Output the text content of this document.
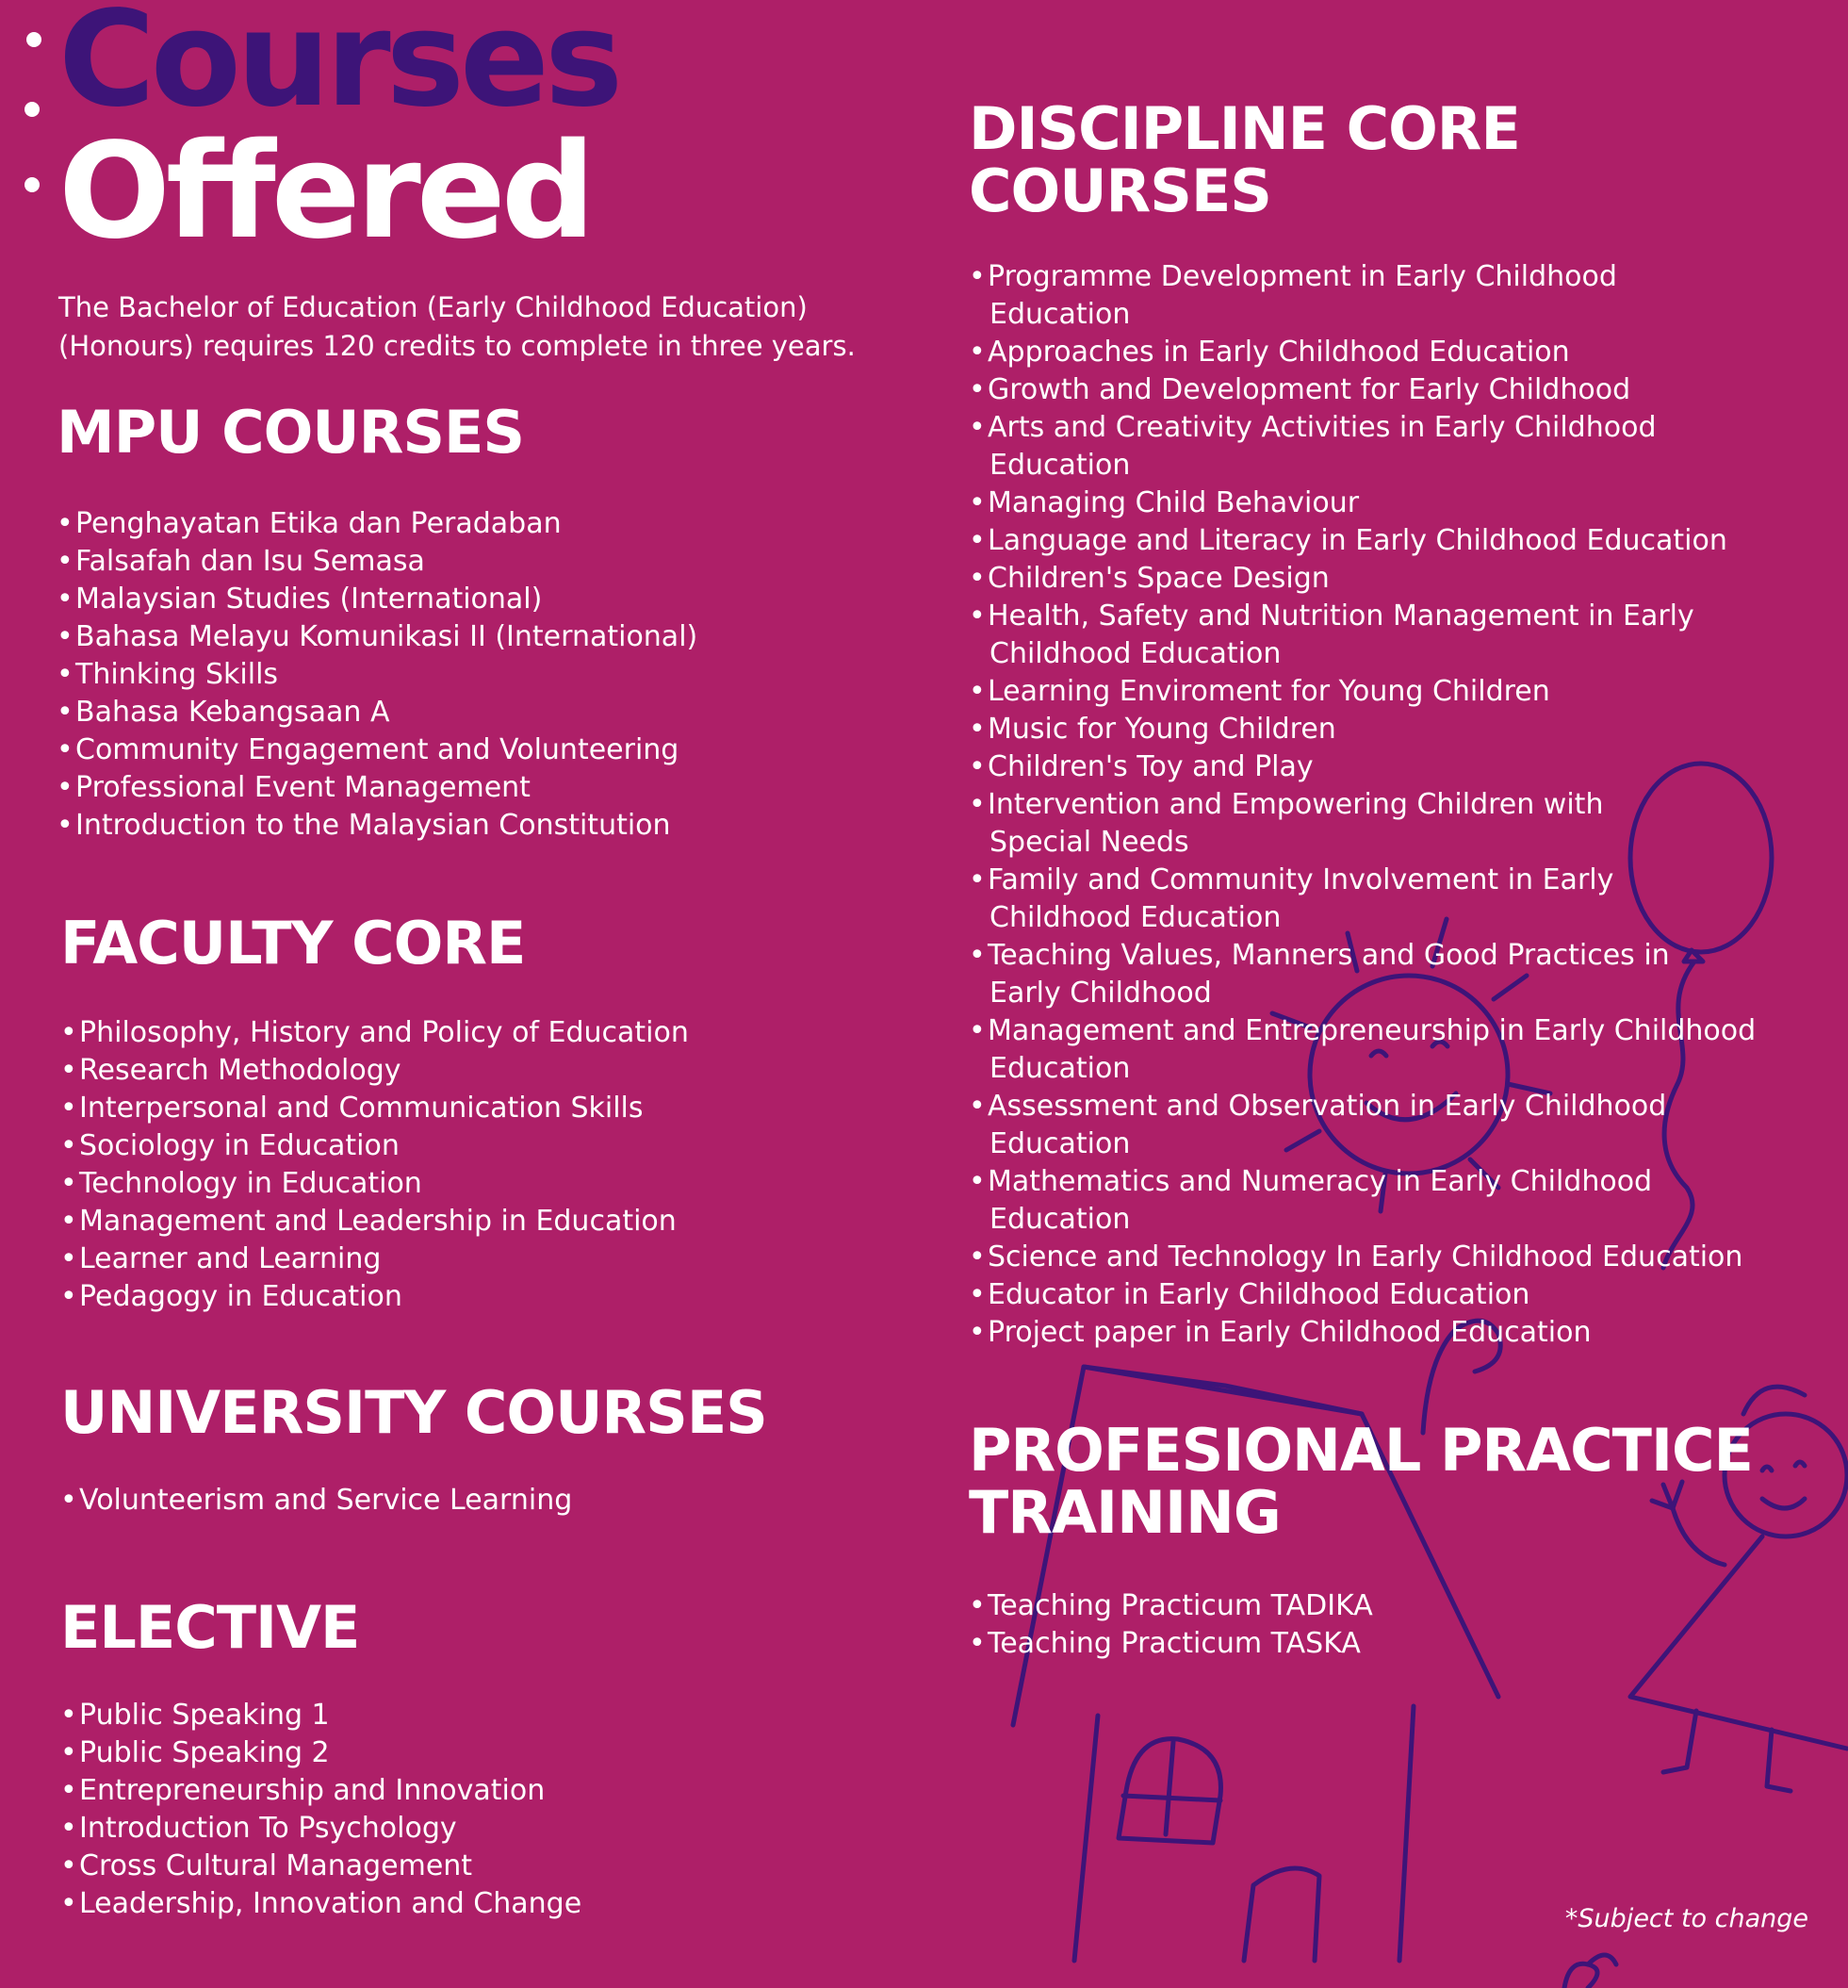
Courses
Offered

The Bachelor of Education (Early Childhood Education)
(Honours) requires 120 credits to complete in three years.

MPU COURSES
• Penghayatan Etika dan Peradaban
• Falsafah dan Isu Semasa
• Malaysian Studies (International)
• Bahasa Melayu Komunikasi II (International)
• Thinking Skills
• Bahasa Kebangsaan A
• Community Engagement and Volunteering
• Professional Event Management
• Introduction to the Malaysian Constitution
FACULTY CORE
• Philosophy, History and Policy of Education
• Research Methodology
• Interpersonal and Communication Skills
• Sociology in Education
• Technology in Education
• Management and Leadership in Education
• Learner and Learning
• Pedagogy in Education
UNIVERSITY COURSES
• Volunteerism and Service Learning
ELECTIVE
• Public Speaking 1
• Public Speaking 2
• Entrepreneurship and Innovation
• Introduction To Psychology
• Cross Cultural Management
• Leadership, Innovation and Change
DISCIPLINE CORE
COURSES
• Programme Development in Early Childhood
Education
• Approaches in Early Childhood Education
• Growth and Development for Early Childhood
• Arts and Creativity Activities in Early Childhood
Education
• Managing Child Behaviour
• Language and Literacy in Early Childhood Education
• Children's Space Design
• Health, Safety and Nutrition Management in Early
Childhood Education
• Learning Enviroment for Young Children
• Music for Young Children
• Children's Toy and Play
• Intervention and Empowering Children with
Special Needs
• Family and Community Involvement in Early
Childhood Education
• Teaching Values, Manners and Good Practices in
Early Childhood
• Management and Entrepreneurship in Early Childhood
Education
• Assessment and Observation in Early Childhood
Education
• Mathematics and Numeracy in Early Childhood
Education
• Science and Technology In Early Childhood Education
• Educator in Early Childhood Education
• Project paper in Early Childhood Education
PROFESIONAL PRACTICE
TRAINING
• Teaching Practicum TADIKA
• Teaching Practicum TASKA
*Subject to change
